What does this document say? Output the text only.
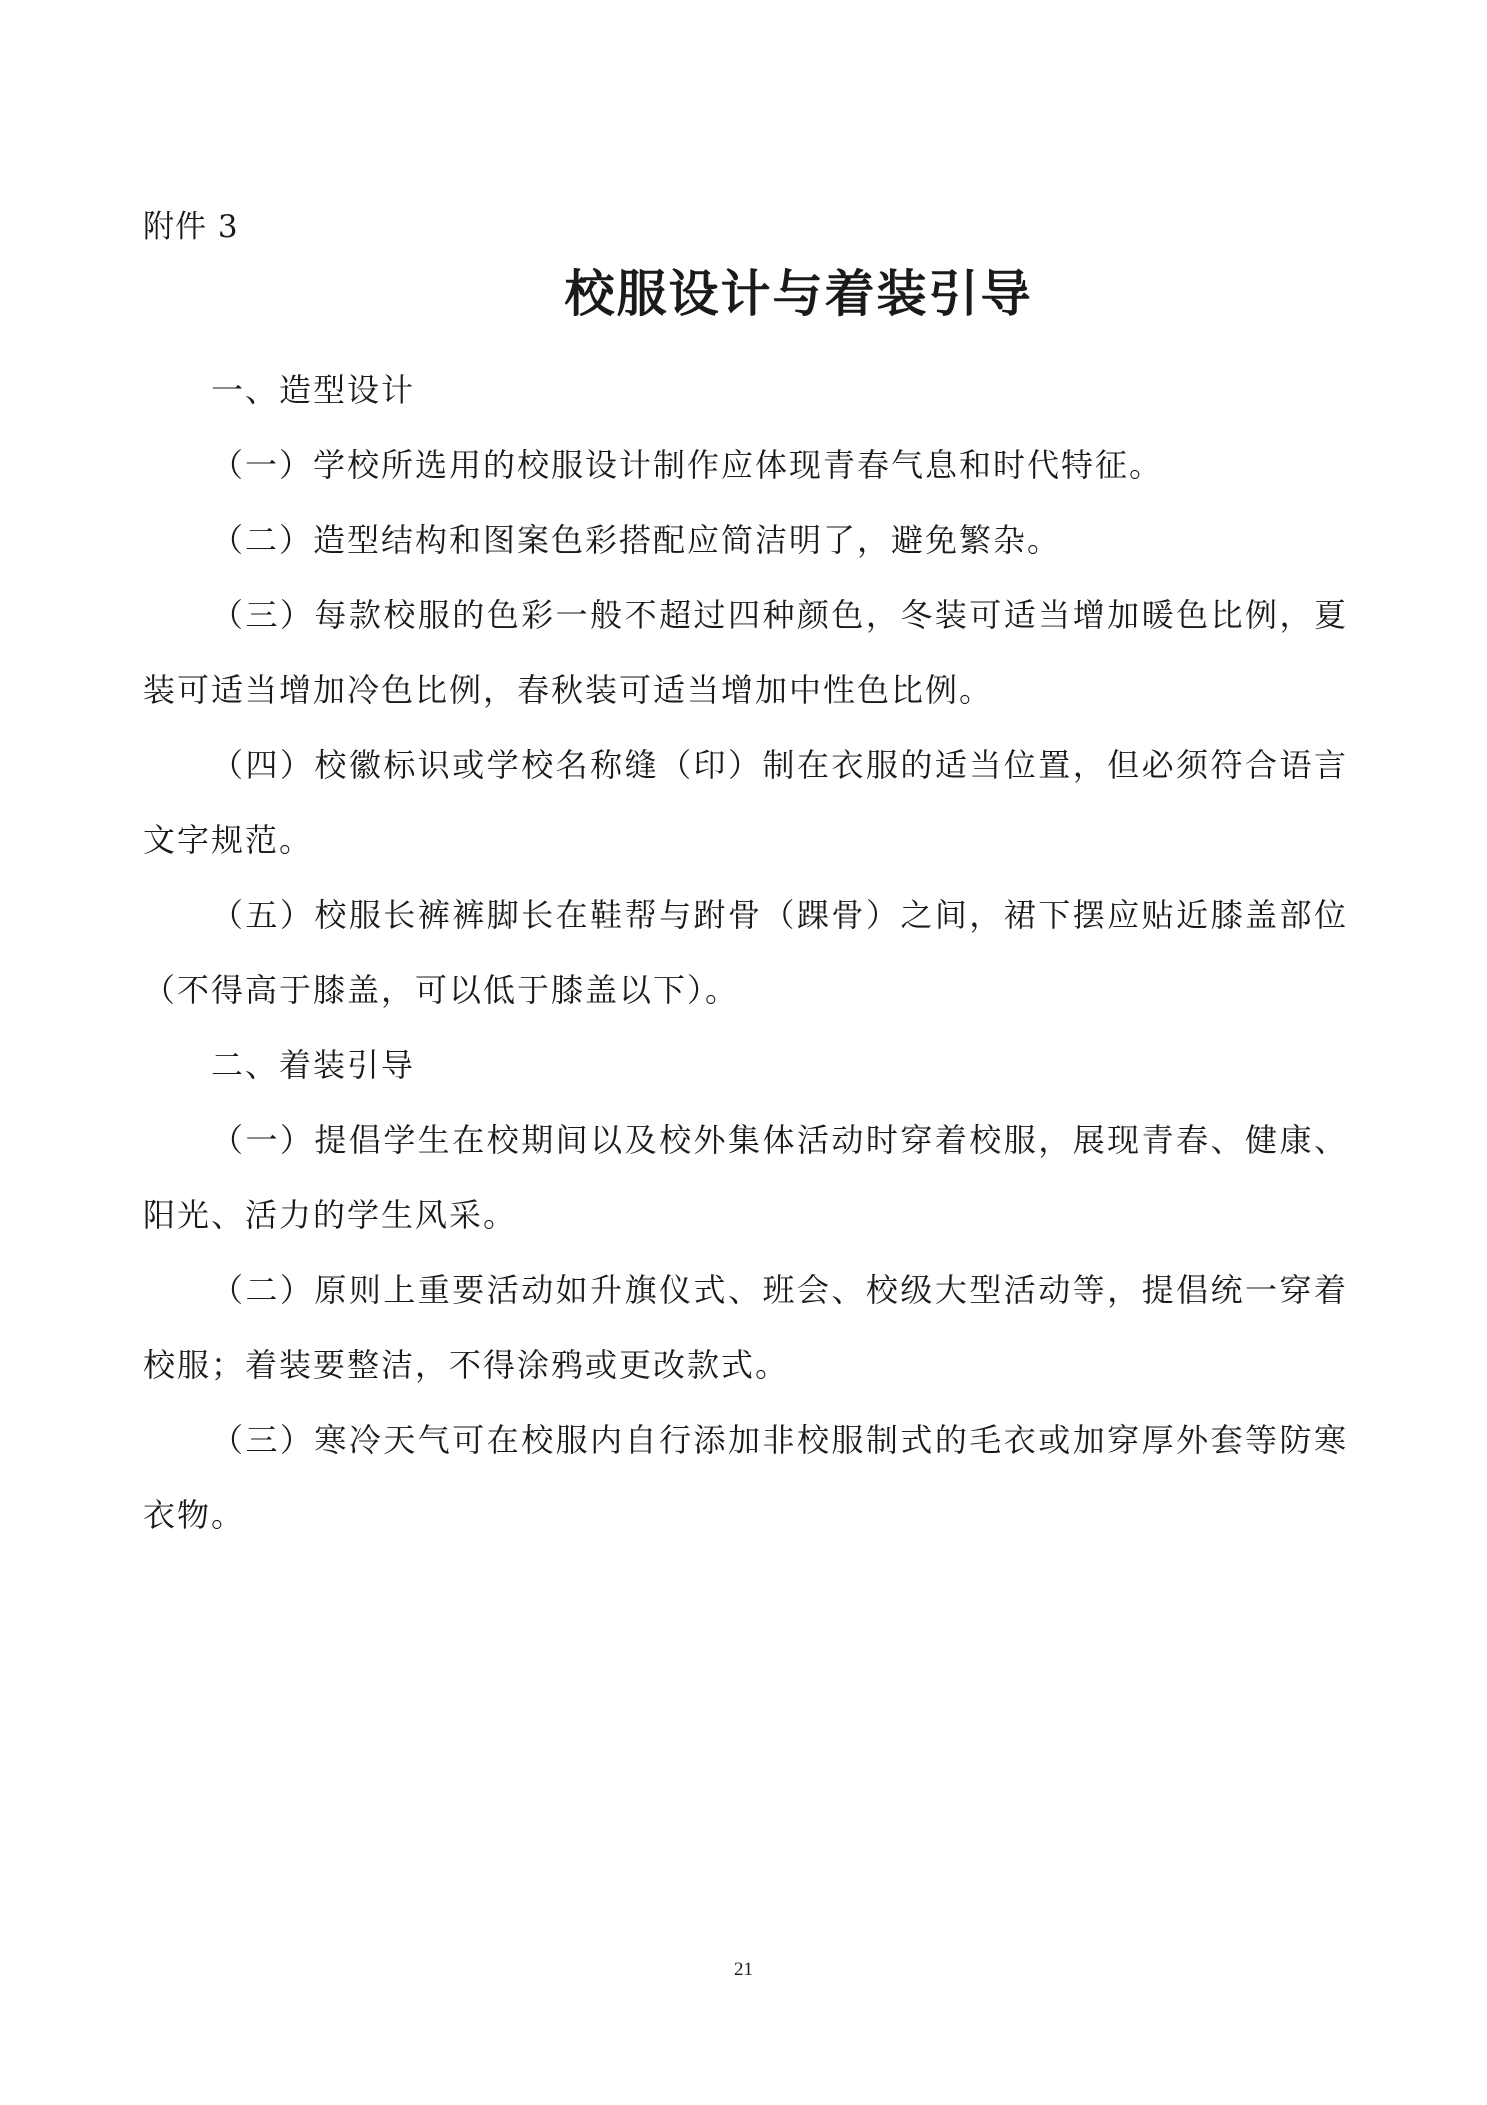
附件 3
校服设计与着装引导

一、造型设计

（一）学校所选用的校服设计制作应体现青春气息和时代特征。

（二）造型结构和图案色彩搭配应简洁明了，避免繁杂。

（三）每款校服的色彩一般不超过四种颜色，冬装可适当增加暖色比例，夏装可适当增加冷色比例，春秋装可适当增加中性色比例。

（四）校徽标识或学校名称缝（印）制在衣服的适当位置，但必须符合语言文字规范。

（五）校服长裤裤脚长在鞋帮与跗骨（踝骨）之间，裙下摆应贴近膝盖部位（不得高于膝盖，可以低于膝盖以下）。

二、着装引导

（一）提倡学生在校期间以及校外集体活动时穿着校服，展现青春、健康、阳光、活力的学生风采。

（二）原则上重要活动如升旗仪式、班会、校级大型活动等，提倡统一穿着校服；着装要整洁，不得涂鸦或更改款式。

（三）寒冷天气可在校服内自行添加非校服制式的毛衣或加穿厚外套等防寒衣物。

21
